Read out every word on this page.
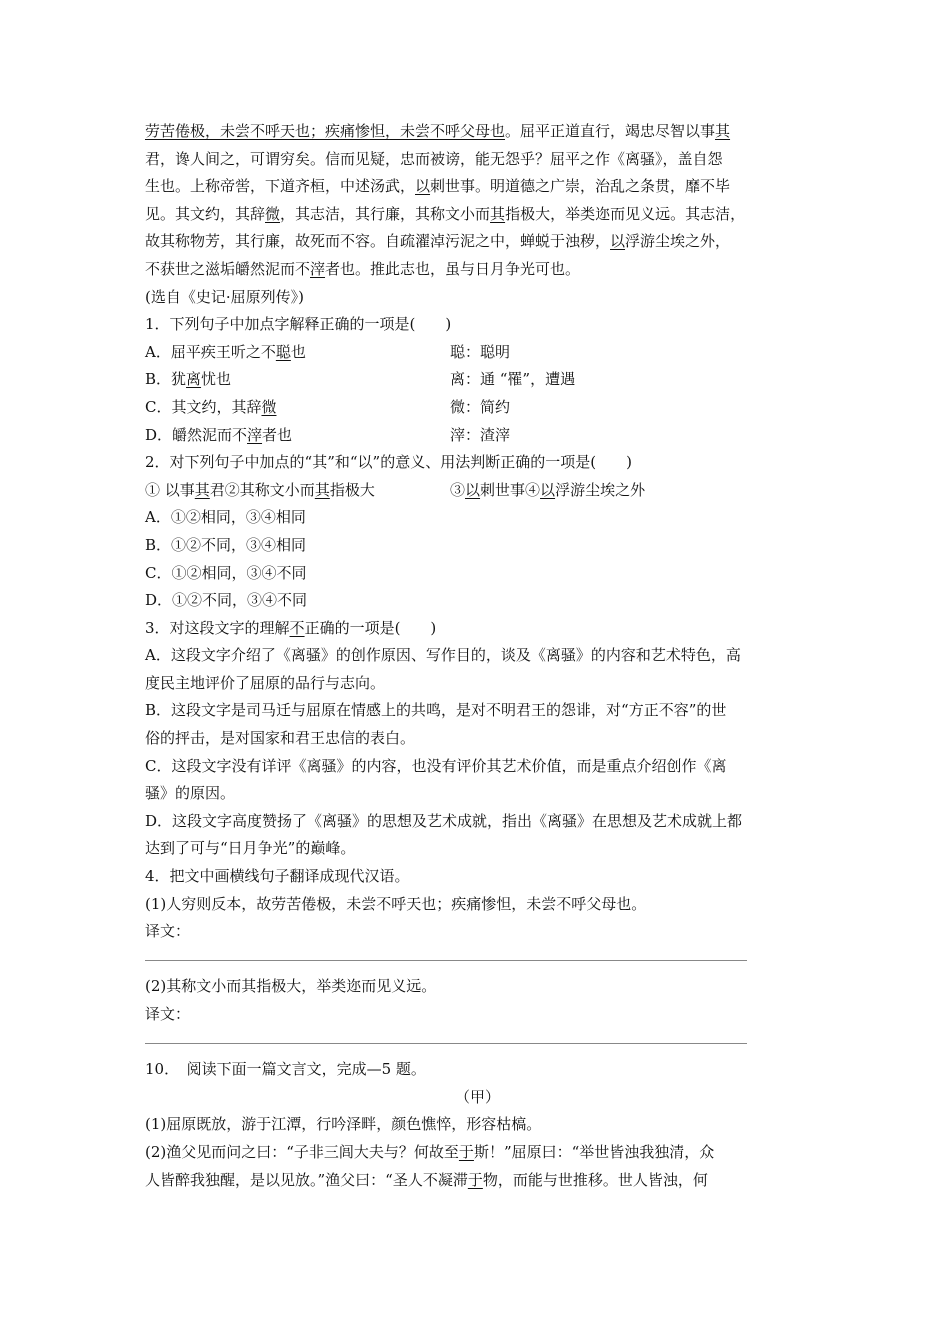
劳苦倦极，未尝不呼天也；疾痛惨怛，未尝不呼父母也。屈平正道直行，竭忠尽智以事其
君，谗人间之，可谓穷矣。信而见疑，忠而被谤，能无怨乎？屈平之作《离骚》，盖自怨
生也。上称帝喾，下道齐桓，中述汤武，以刺世事。明道德之广崇，治乱之条贯，靡不毕
见。其文约，其辞微，其志洁，其行廉，其称文小而其指极大，举类迩而见义远。其志洁，
故其称物芳，其行廉，故死而不容。自疏濯淖污泥之中，蝉蜕于浊秽，以浮游尘埃之外，
不获世之滋垢皭然泥而不滓者也。推此志也，虽与日月争光可也。
(选自《史记·屈原列传》)
1．下列句子中加点字解释正确的一项是(　　)
A．屈平疾王听之不聪也	聪：聪明
B．犹离忧也	离：通 “罹”，遭遇
C．其文约，其辞微	微：简约
D．皭然泥而不滓者也	滓：渣滓
2．对下列句子中加点的“其”和“以”的意义、用法判断正确的一项是(　　)
① 以事其君②其称文小而其指极大	③以刺世事④以浮游尘埃之外
A．①②相同，③④相同
B．①②不同，③④相同
C．①②相同，③④不同
D．①②不同，③④不同
3．对这段文字的理解不正确的一项是(　　)
A．这段文字介绍了《离骚》的创作原因、写作目的，谈及《离骚》的内容和艺术特色，高
度民主地评价了屈原的品行与志向。
B．这段文字是司马迁与屈原在情感上的共鸣，是对不明君王的怨诽，对“方正不容”的世
俗的抨击，是对国家和君王忠信的表白。
C．这段文字没有详评《离骚》的内容，也没有评价其艺术价值，而是重点介绍创作《离
骚》的原因。
D．这段文字高度赞扬了《离骚》的思想及艺术成就，指出《离骚》在思想及艺术成就上都
达到了可与“日月争光”的巅峰。
4．把文中画横线句子翻译成现代汉语。
(1)人穷则反本，故劳苦倦极，未尝不呼天也；疾痛惨怛，未尝不呼父母也。
译文：
(2)其称文小而其指极大，举类迩而见义远。
译文：
10．　阅读下面一篇文言文，完成—5 题。
（甲）
(1)屈原既放，游于江潭，行吟泽畔，颜色憔悴，形容枯槁。
(2)渔父见而问之曰：“子非三闾大夫与？何故至于斯！”屈原曰：“举世皆浊我独清，众
人皆醉我独醒，是以见放。”渔父曰：“圣人不凝滞于物，而能与世推移。世人皆浊，何
